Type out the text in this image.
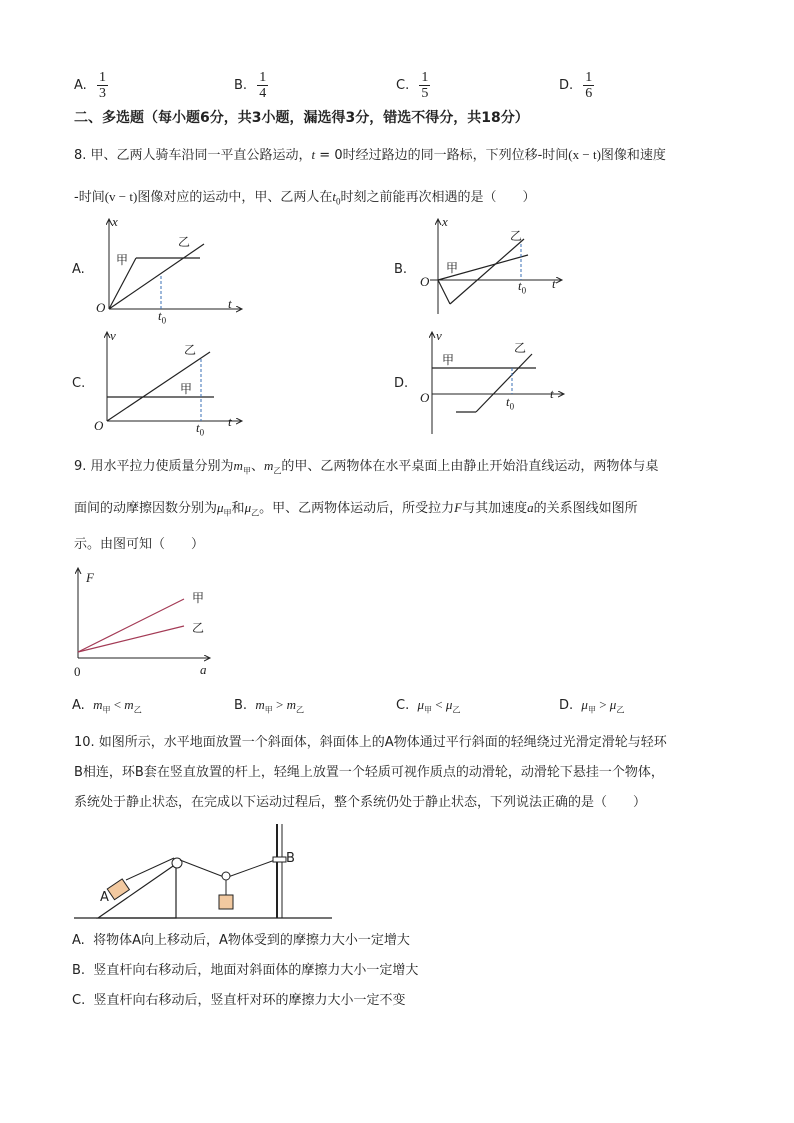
A. $\frac{1}{3}$	B. $\frac{1}{4}$	C. $\frac{1}{5}$	D. $\frac{1}{6}$
二、多选题（每小题6分，共3小题，漏选得3分，错选不得分，共18分）
8. 甲、乙两人骑车沿同一平直公路运动，t = 0时经过路边的同一路标，下列位移-时间(x − t)图像和速度
-时间(v − t)图像对应的运动中，甲、乙两人在$t_0$时刻之前能再次相遇的是（　　）
A.
x
t
O
$t_0$
甲
乙
B.
x
t
O	$t_0$
甲
乙
C.
v
t
O	$t_0$
甲
乙
D.
v
t
O	$t_0$
甲
乙
9. 用水平拉力使质量分别为$m_甲$、$m_乙$的甲、乙两物体在水平桌面上由静止开始沿直线运动，两物体与桌
面间的动摩擦因数分别为$\mu_甲$和$\mu_乙$。甲、乙两物体运动后，所受拉力F与其加速度a的关系图线如图所
示。由图可知（　　）
F
a
0
甲
乙
A. $m_甲 < m_乙$	B. $m_甲 > m_乙$	C. $\mu_甲 < \mu_乙$	D. $\mu_甲 > \mu_乙$
10. 如图所示，水平地面放置一个斜面体，斜面体上的A物体通过平行斜面的轻绳绕过光滑定滑轮与轻环
B相连，环B套在竖直放置的杆上，轻绳上放置一个轻质可视作质点的动滑轮，动滑轮下悬挂一个物体，
系统处于静止状态，在完成以下运动过程后，整个系统仍处于静止状态，下列说法正确的是（　　）
A
B
A. 将物体A向上移动后，A物体受到的摩擦力大小一定增大
B. 竖直杆向右移动后，地面对斜面体的摩擦力大小一定增大
C. 竖直杆向右移动后，竖直杆对环的摩擦力大小一定不变
